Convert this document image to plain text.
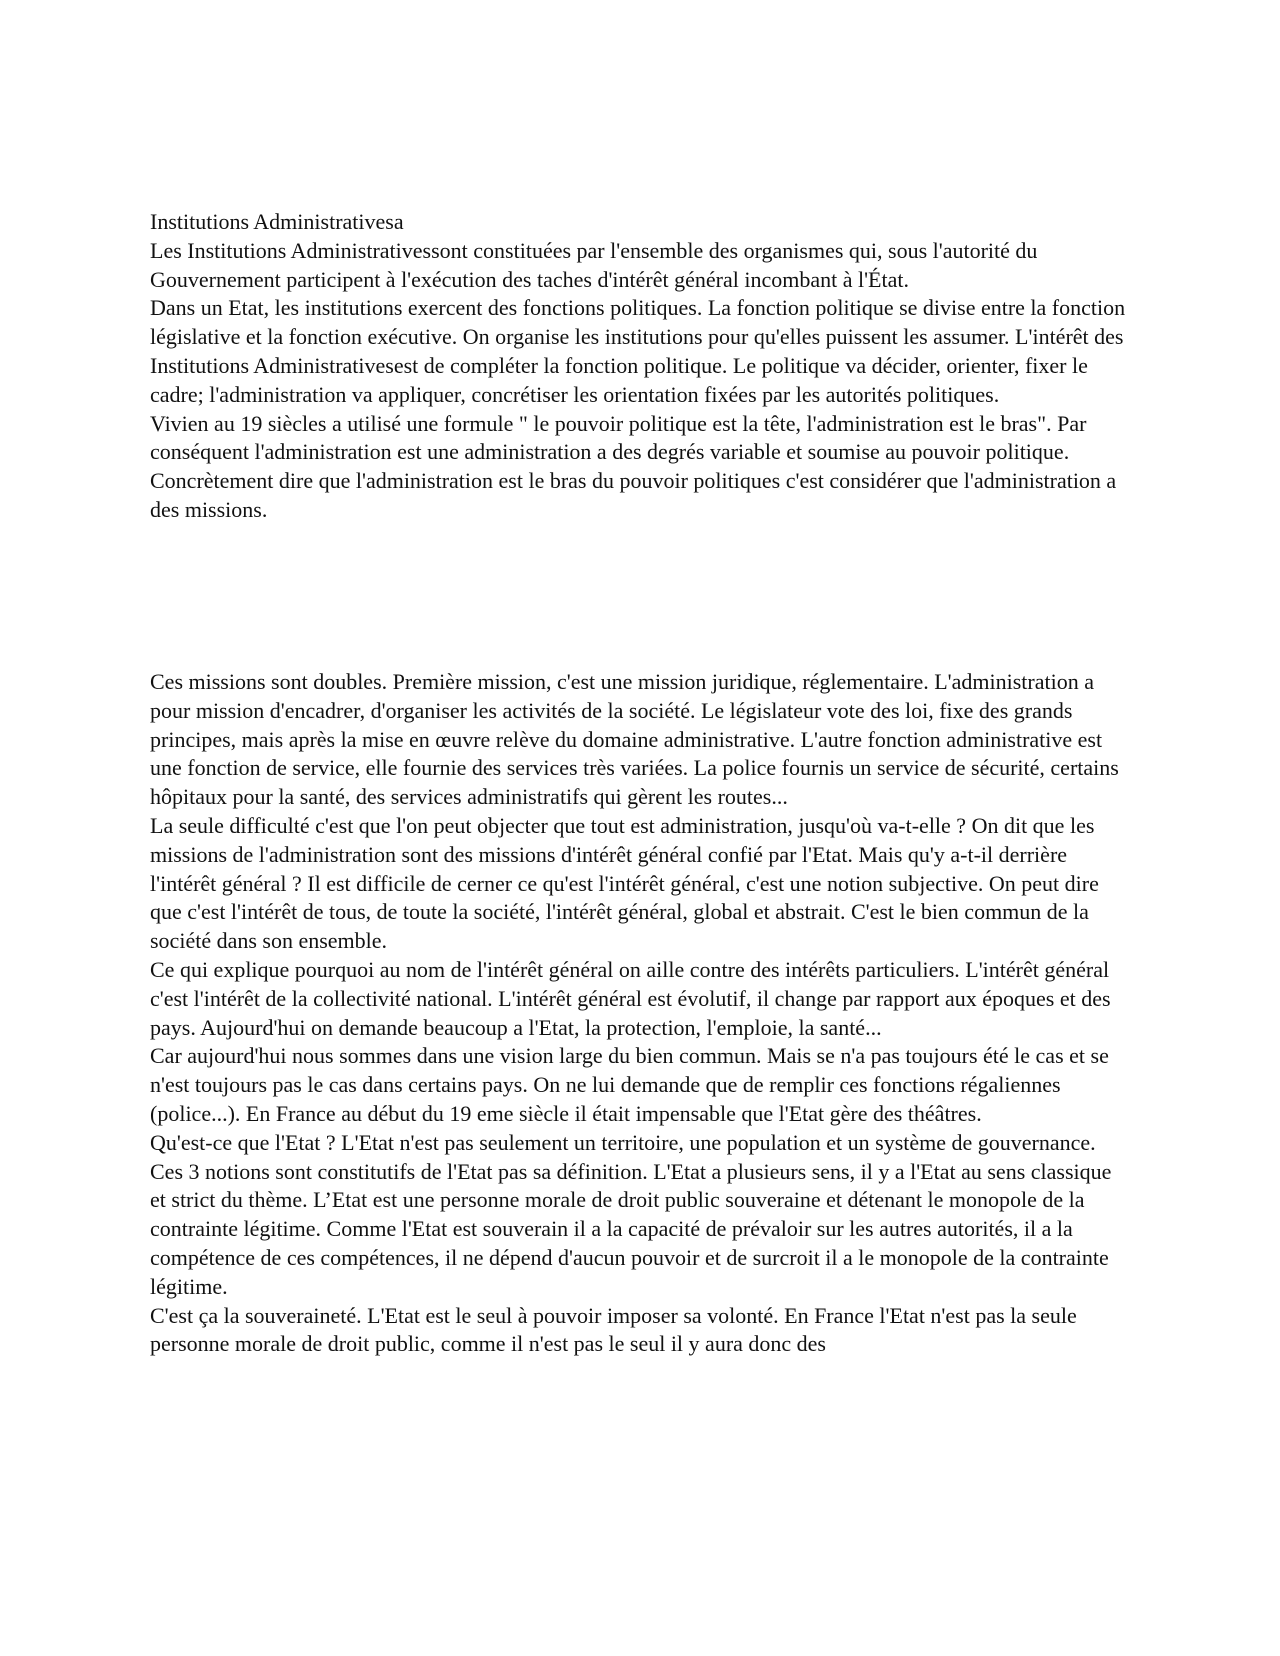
Institutions Administrativesa

Les Institutions Administrativessont constituées par l'ensemble des organismes qui, sous l'autorité du Gouvernement participent à l'exécution des taches d'intérêt général incombant à l'État.

Dans un Etat, les institutions exercent des fonctions politiques. La fonction politique se divise entre la fonction législative et la fonction exécutive. On organise les institutions pour qu'elles puissent les assumer. L'intérêt des Institutions Administrativesest de compléter la fonction politique. Le politique va décider, orienter, fixer le cadre; l'administration va appliquer, concrétiser les orientation fixées par les autorités politiques.

Vivien au 19 siècles a utilisé une formule " le pouvoir politique est la tête, l'administration est le bras". Par conséquent l'administration est une administration a des degrés variable et soumise au pouvoir politique. Concrètement dire que l'administration est le bras du pouvoir politiques c'est considérer que l'administration a des missions.

Ces missions sont doubles. Première mission, c'est une mission juridique, réglementaire. L'administration a pour mission d'encadrer, d'organiser les activités de la société. Le législateur vote des loi, fixe des grands principes, mais après la mise en œuvre relève du domaine administrative. L'autre fonction administrative est une fonction de service, elle fournie des services très variées. La police fournis un service de sécurité, certains hôpitaux pour la santé, des services administratifs qui gèrent les routes...

La seule difficulté c'est que l'on peut objecter que tout est administration, jusqu'où va-t-elle ? On dit que les missions de l'administration sont des missions d'intérêt général confié par l'Etat. Mais qu'y a-t-il derrière l'intérêt général ? Il est difficile de cerner ce qu'est l'intérêt général, c'est une notion subjective. On peut dire que c'est l'intérêt de tous, de toute la société, l'intérêt général, global et abstrait. C'est le bien commun de la société dans son ensemble.

Ce qui explique pourquoi au nom de l'intérêt général on aille contre des intérêts particuliers. L'intérêt général c'est l'intérêt de la collectivité national. L'intérêt général est évolutif, il change par rapport aux époques et des pays. Aujourd'hui on demande beaucoup a l'Etat, la protection, l'emploie, la santé...

Car aujourd'hui nous sommes dans une vision large du bien commun. Mais se n'a pas toujours été le cas et se n'est toujours pas le cas dans certains pays. On ne lui demande que de remplir ces fonctions régaliennes (police...). En France au début du 19 eme siècle il était impensable que l'Etat gère des théâtres.

Qu'est-ce que l'Etat ? L'Etat n'est pas seulement un territoire, une population et un système de gouvernance. Ces 3 notions sont constitutifs de l'Etat pas sa définition. L'Etat a plusieurs sens, il y a l'Etat au sens classique et strict du thème. L’Etat est une personne morale de droit public souveraine et détenant le monopole de la contrainte légitime. Comme l'Etat est souverain il a la capacité de prévaloir sur les autres autorités, il a la compétence de ces compétences, il ne dépend d'aucun pouvoir et de surcroit il a le monopole de la contrainte légitime.

C'est ça la souveraineté. L'Etat est le seul à pouvoir imposer sa volonté. En France l'Etat n'est pas la seule personne morale de droit public, comme il n'est pas le seul il y aura donc des
